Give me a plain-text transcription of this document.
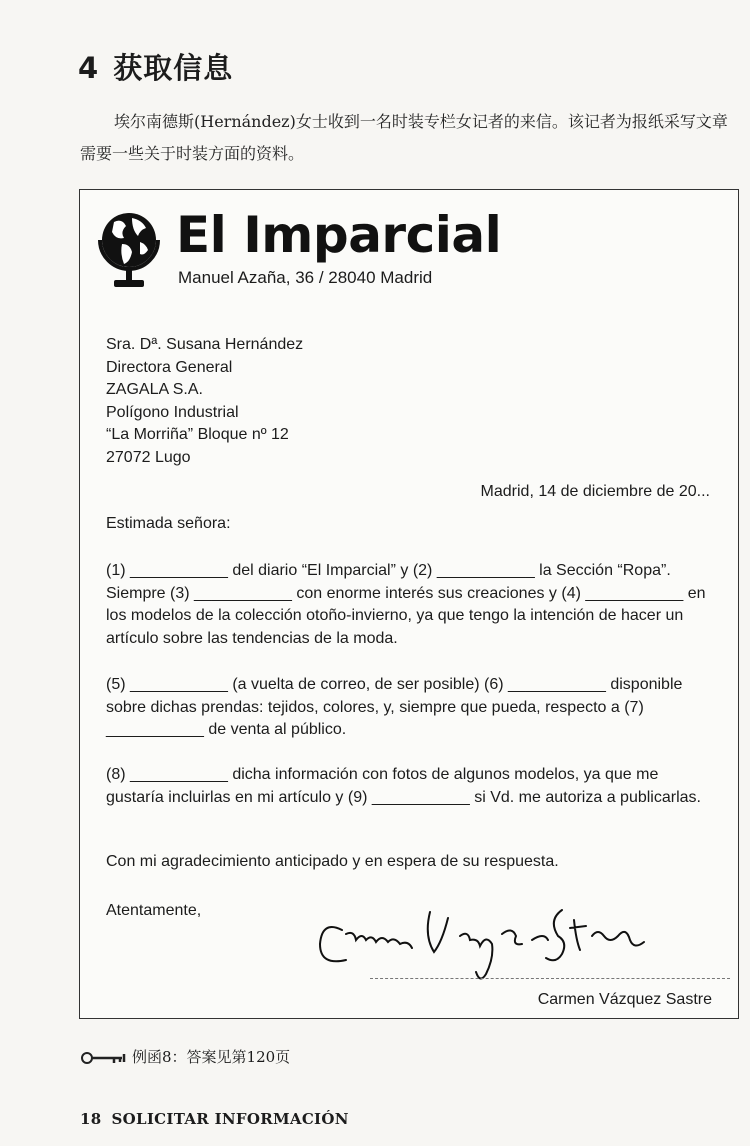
4 获取信息
埃尔南德斯(Hernández)女士收到一名时装专栏女记者的来信。该记者为报纸采写文章需要一些关于时装方面的资料。
El Imparcial
Manuel Azaña, 36 / 28040 Madrid
Sra. Dª. Susana Hernández
Directora General
ZAGALA S.A.
Polígono Industrial
“La Morriña” Bloque nº 12
27072 Lugo
Madrid, 14 de diciembre de 20...
Estimada señora:
(1) ___________ del diario “El Imparcial” y (2) ___________ la Sección “Ropa”. Siempre (3) ___________ con enorme interés sus creaciones y (4) ___________ en los modelos de la colección otoño-invierno, ya que tengo la intención de hacer un artículo sobre las tendencias de la moda.
(5) ___________ (a vuelta de correo, de ser posible) (6) ___________ disponible sobre dichas prendas: tejidos, colores, y, siempre que pueda, respecto a (7) ___________ de venta al público.
(8) ___________ dicha información con fotos de algunos modelos, ya que me gustaría incluirlas en mi artículo y (9) ___________ si Vd. me autoriza a publicarlas.
Con mi agradecimiento anticipado y en espera de su respuesta.
Atentamente,
Carmen Vázquez Sastre
例函8：答案见第120页
18 SOLICITAR INFORMACIÓN
